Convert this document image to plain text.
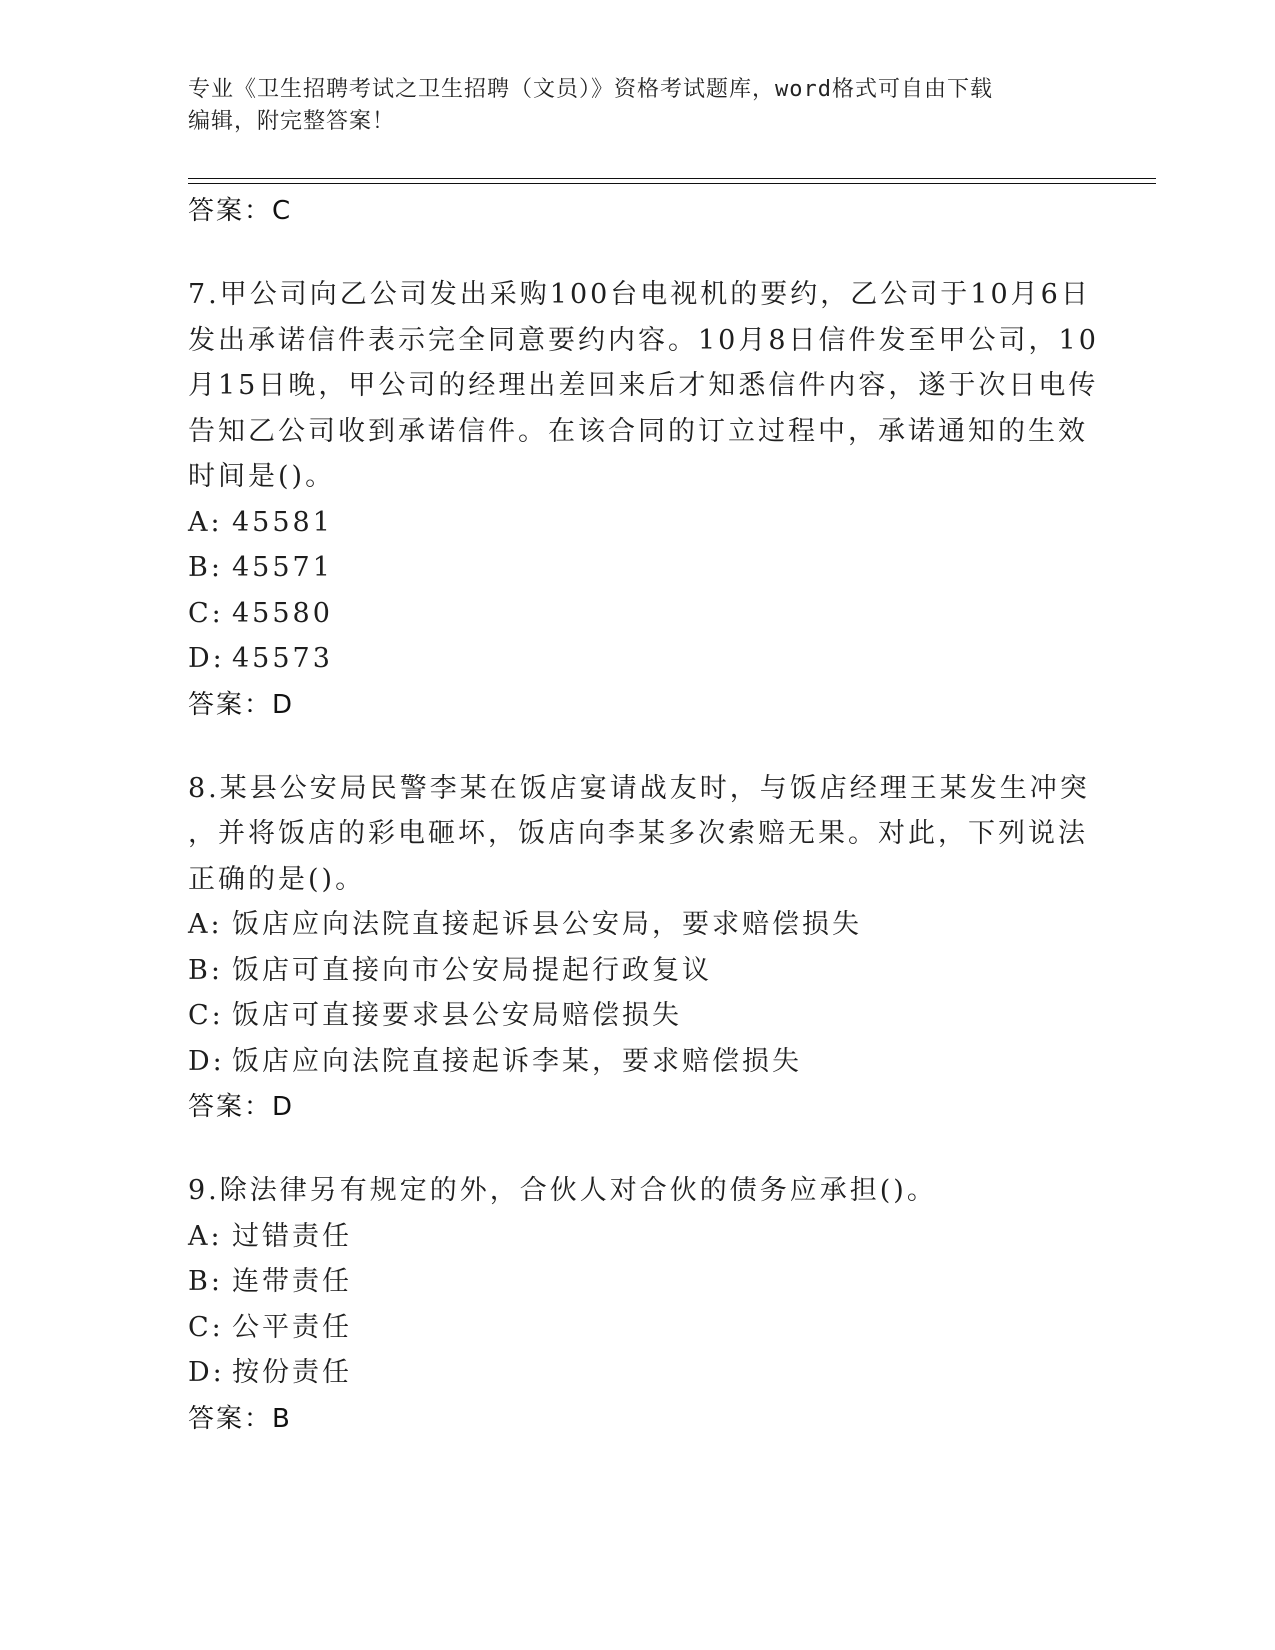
专业《卫生招聘考试之卫生招聘（文员）》资格考试题库，word格式可自由下载
编辑，附完整答案！
答案：C
7.甲公司向乙公司发出采购100台电视机的要约，乙公司于10月6日
发出承诺信件表示完全同意要约内容。10月8日信件发至甲公司，10
月15日晚，甲公司的经理出差回来后才知悉信件内容，遂于次日电传
告知乙公司收到承诺信件。在该合同的订立过程中，承诺通知的生效
时间是()。
A: 45581
B: 45571
C: 45580
D: 45573
答案：D
8.某县公安局民警李某在饭店宴请战友时，与饭店经理王某发生冲突
，并将饭店的彩电砸坏，饭店向李某多次索赔无果。对此，下列说法
正确的是()。
A: 饭店应向法院直接起诉县公安局，要求赔偿损失
B: 饭店可直接向市公安局提起行政复议
C: 饭店可直接要求县公安局赔偿损失
D: 饭店应向法院直接起诉李某，要求赔偿损失
答案：D
9.除法律另有规定的外，合伙人对合伙的债务应承担()。
A: 过错责任
B: 连带责任
C: 公平责任
D: 按份责任
答案：B
